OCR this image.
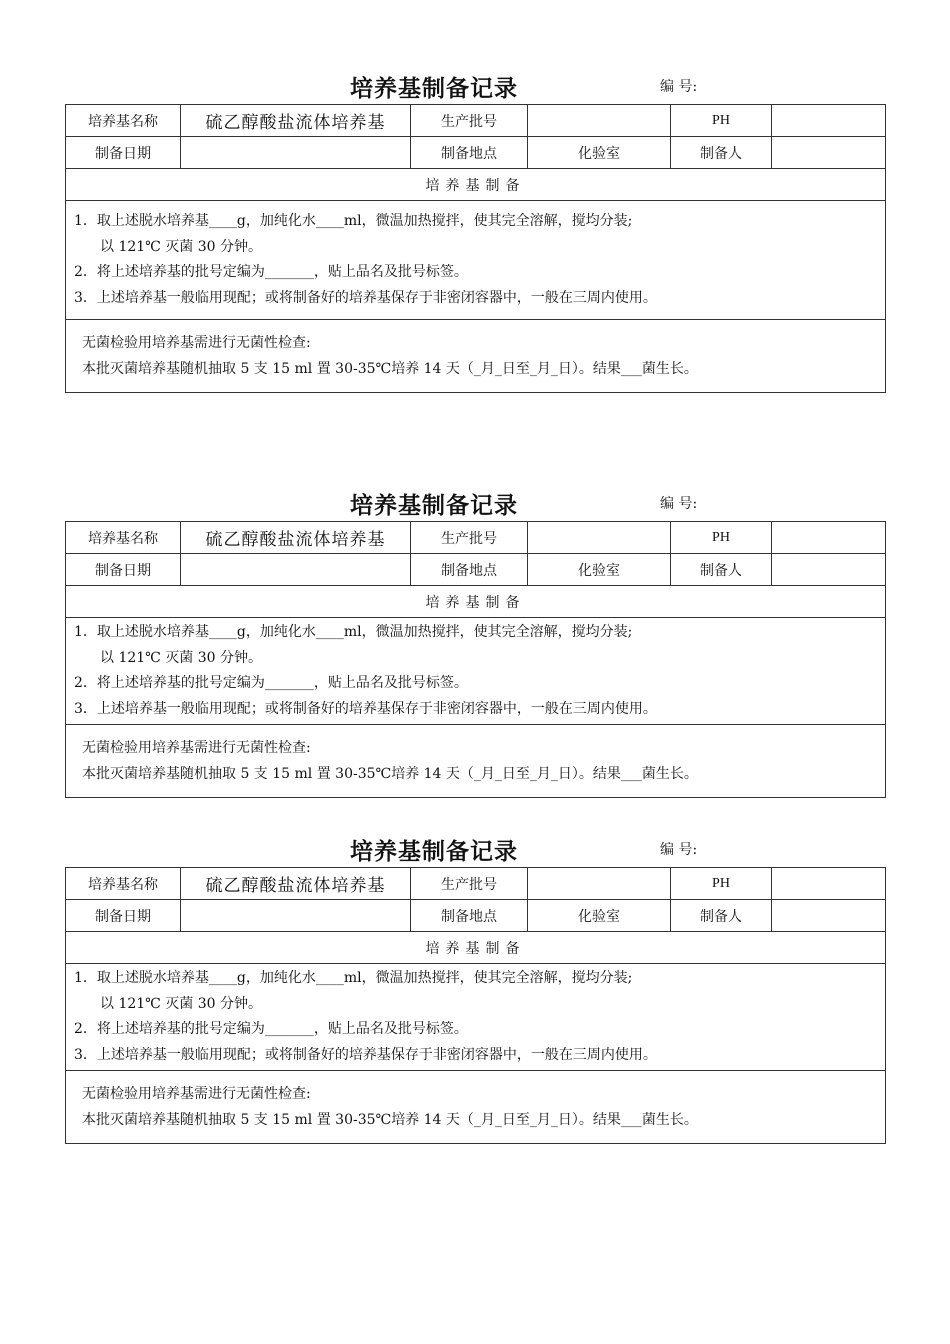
培养基制备记录	编 号:
培养基名称	硫乙醇酸盐流体培养基	生产批号		PH	
制备日期		制备地点	化验室	制备人	
培养基制备					

1．取上述脱水培养基____g，加纯化水____ml，微温加热搅拌，使其完全溶解，搅均分装;
以 121℃ 灭菌 30 分钟。
2．将上述培养基的批号定编为_______，贴上品名及批号标签。
3．上述培养基一般临用现配；或将制备好的培养基保存于非密闭容器中，一般在三周内使用。					

无菌检验用培养基需进行无菌性检查:
本批灭菌培养基随机抽取 5 支 15 ml 置 30-35℃培养 14 天（_月_日至_月_日）。结果___菌生长。					
培养基制备记录	编 号:
培养基名称	硫乙醇酸盐流体培养基	生产批号		PH	
制备日期		制备地点	化验室	制备人	
培养基制备					

1．取上述脱水培养基____g，加纯化水____ml，微温加热搅拌，使其完全溶解，搅均分装;
以 121℃ 灭菌 30 分钟。
2．将上述培养基的批号定编为_______，贴上品名及批号标签。
3．上述培养基一般临用现配；或将制备好的培养基保存于非密闭容器中，一般在三周内使用。					

无菌检验用培养基需进行无菌性检查:
本批灭菌培养基随机抽取 5 支 15 ml 置 30-35℃培养 14 天（_月_日至_月_日）。结果___菌生长。					
培养基制备记录	编 号:
培养基名称	硫乙醇酸盐流体培养基	生产批号		PH	
制备日期		制备地点	化验室	制备人	
培养基制备					

1．取上述脱水培养基____g，加纯化水____ml，微温加热搅拌，使其完全溶解，搅均分装;
以 121℃ 灭菌 30 分钟。
2．将上述培养基的批号定编为_______，贴上品名及批号标签。
3．上述培养基一般临用现配；或将制备好的培养基保存于非密闭容器中，一般在三周内使用。					

无菌检验用培养基需进行无菌性检查:
本批灭菌培养基随机抽取 5 支 15 ml 置 30-35℃培养 14 天（_月_日至_月_日）。结果___菌生长。					
